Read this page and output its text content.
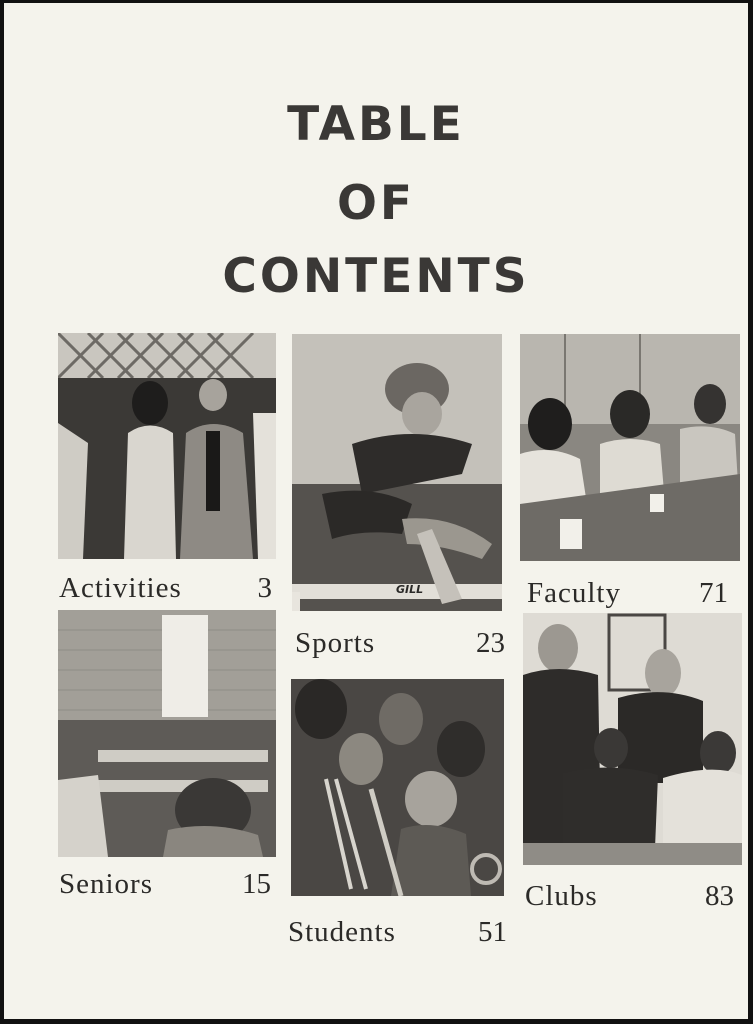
TABLE
OF
CONTENTS
GILL
Activities	3
Sports	23
Faculty	71
Seniors	15
Students	51
Clubs	83
